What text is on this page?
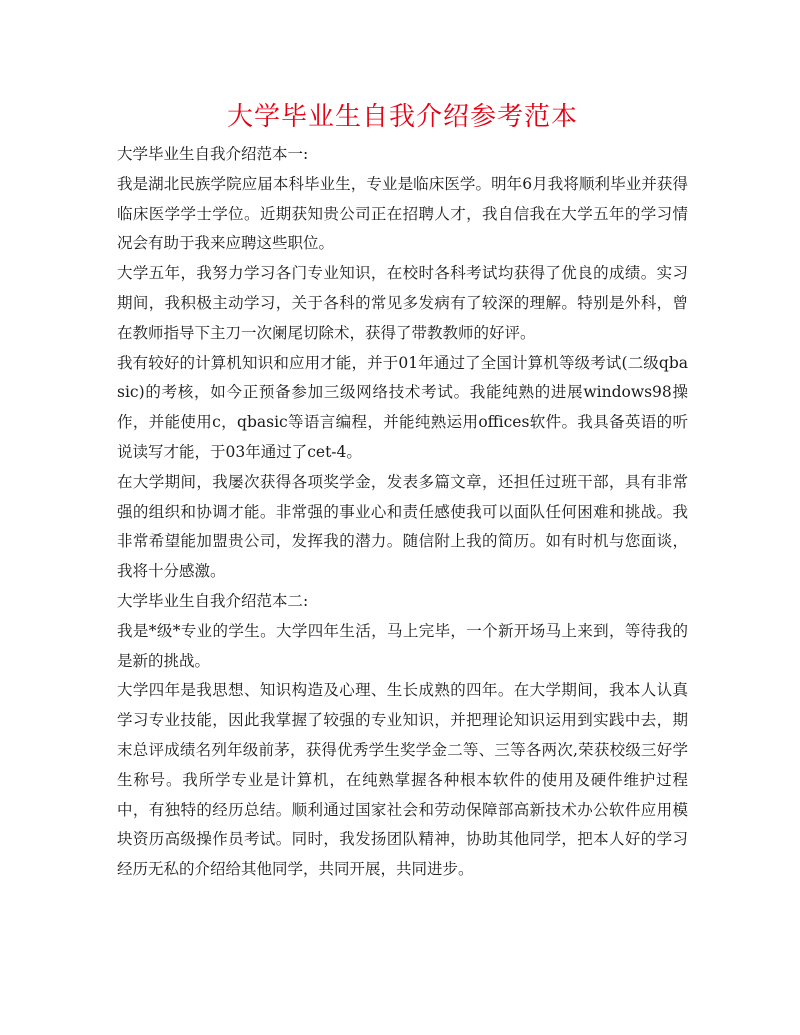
大学毕业生自我介绍参考范本

大学毕业生自我介绍范本一:

我是湖北民族学院应届本科毕业生，专业是临床医学。明年6月我将顺利毕业并获得临床医学学士学位。近期获知贵公司正在招聘人才，我自信我在大学五年的学习情况会有助于我来应聘这些职位。

大学五年，我努力学习各门专业知识，在校时各科考试均获得了优良的成绩。实习期间，我积极主动学习，关于各科的常见多发病有了较深的理解。特别是外科，曾在教师指导下主刀一次阑尾切除术，获得了带教教师的好评。

我有较好的计算机知识和应用才能，并于01年通过了全国计算机等级考试(二级qbasic)的考核，如今正预备参加三级网络技术考试。我能纯熟的进展windows98操作，并能使用c，qbasic等语言编程，并能纯熟运用offices软件。我具备英语的听说读写才能，于03年通过了cet-4。

在大学期间，我屡次获得各项奖学金，发表多篇文章，还担任过班干部，具有非常强的组织和协调才能。非常强的事业心和责任感使我可以面队任何困难和挑战。我非常希望能加盟贵公司，发挥我的潜力。随信附上我的简历。如有时机与您面谈，我将十分感激。

大学毕业生自我介绍范本二:

我是*级*专业的学生。大学四年生活，马上完毕，一个新开场马上来到，等待我的是新的挑战。

大学四年是我思想、知识构造及心理、生长成熟的四年。在大学期间，我本人认真学习专业技能，因此我掌握了较强的专业知识，并把理论知识运用到实践中去，期末总评成绩名列年级前茅，获得优秀学生奖学金二等、三等各两次,荣获校级三好学生称号。我所学专业是计算机，在纯熟掌握各种根本软件的使用及硬件维护过程中，有独特的经历总结。顺利通过国家社会和劳动保障部高新技术办公软件应用模块资历高级操作员考试。同时，我发扬团队精神，协助其他同学，把本人好的学习经历无私的介绍给其他同学，共同开展，共同进步。
